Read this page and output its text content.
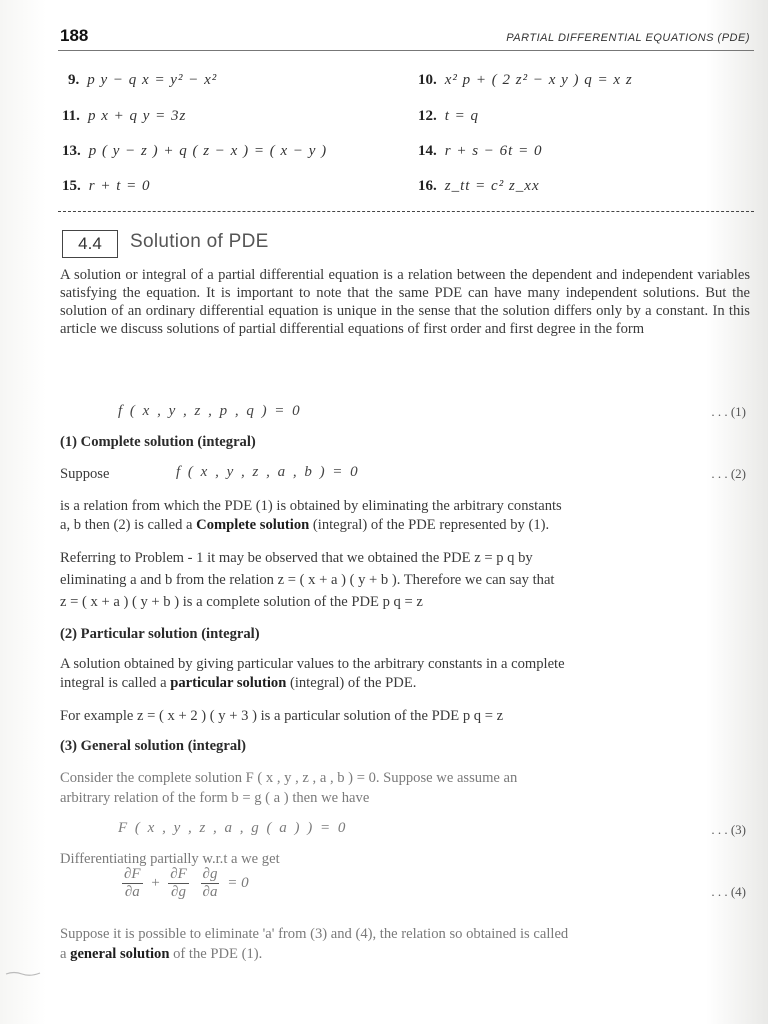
188	PARTIAL DIFFERENTIAL EQUATIONS (PDE)
9. p y − q x = y² − x²	10. x² p + ( 2 z² − x y ) q = x z
11. p x + q y = 3z	12. t = q
13. p ( y − z ) + q ( z − x ) = ( x − y )	14. r + s − 6t = 0
15. r + t = 0	16. z_tt = c² z_xx
4.4	Solution of PDE
A solution or integral of a partial differential equation is a relation between the dependent and independent variables satisfying the equation. It is important to note that the same PDE can have many independent solutions. But the solution of an ordinary differential equation is unique in the sense that the solution differs only by a constant. In this article we discuss solutions of partial differential equations of first order and first degree in the form
f ( x , y , z , p , q ) = 0	. . . (1)
(1) Complete solution (integral)
Suppose	f ( x , y , z , a , b ) = 0	. . . (2)
is a relation from which the PDE (1) is obtained by eliminating the arbitrary constants
a, b then (2) is called a Complete solution (integral) of the PDE represented by (1).
Referring to Problem - 1 it may be observed that we obtained the PDE z = p q by
eliminating a and b from the relation z = ( x + a ) ( y + b ). Therefore we can say that
z = ( x + a ) ( y + b ) is a complete solution of the PDE p q = z
(2) Particular solution (integral)
A solution obtained by giving particular values to the arbitrary constants in a complete
integral is called a particular solution (integral) of the PDE.
For example z = ( x + 2 ) ( y + 3 ) is a particular solution of the PDE p q = z
(3) General solution (integral)
Consider the complete solution F ( x , y , z , a , b ) = 0. Suppose we assume an
arbitrary relation of the form b = g ( a ) then we have
F ( x , y , z , a , g ( a ) ) = 0	. . . (3)
Differentiating partially w.r.t a we get
$\frac{\partial F}{\partial a} + \frac{\partial F}{\partial g}$
$\frac{\partial g}{\partial a} = 0$
. . . (4)
Suppose it is possible to eliminate 'a' from (3) and (4), the relation so obtained is called
a general solution of the PDE (1).
